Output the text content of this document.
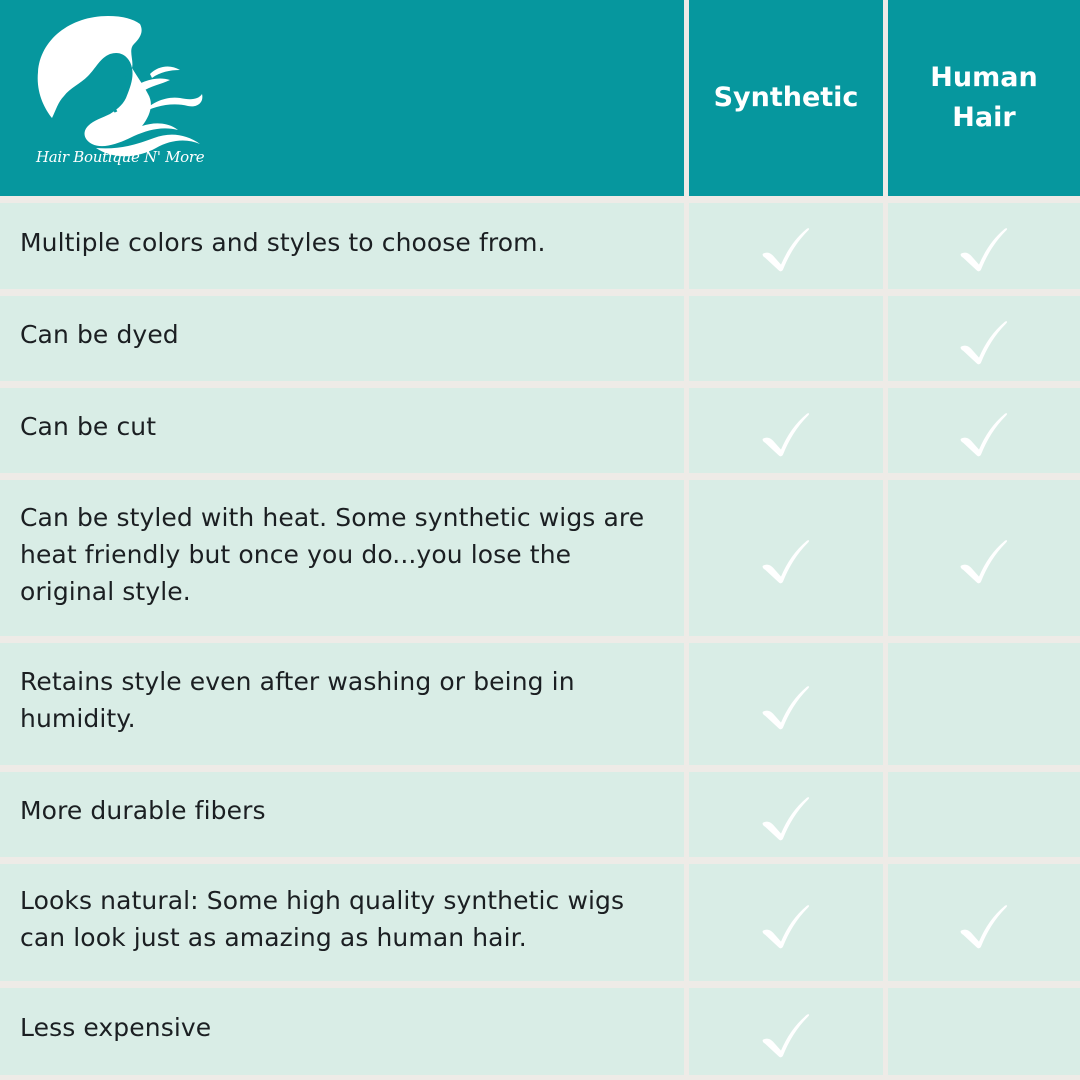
Hair Boutique N' More
Synthetic
Human
Hair
Multiple colors and styles to choose from.
Can be dyed
Can be cut
Can be styled with heat. Some synthetic wigs are heat friendly but once you do...you lose the original style.
Retains style even after washing or being in humidity.
More durable fibers
Looks natural: Some high quality synthetic wigs can look just as amazing as human hair.
Less expensive
